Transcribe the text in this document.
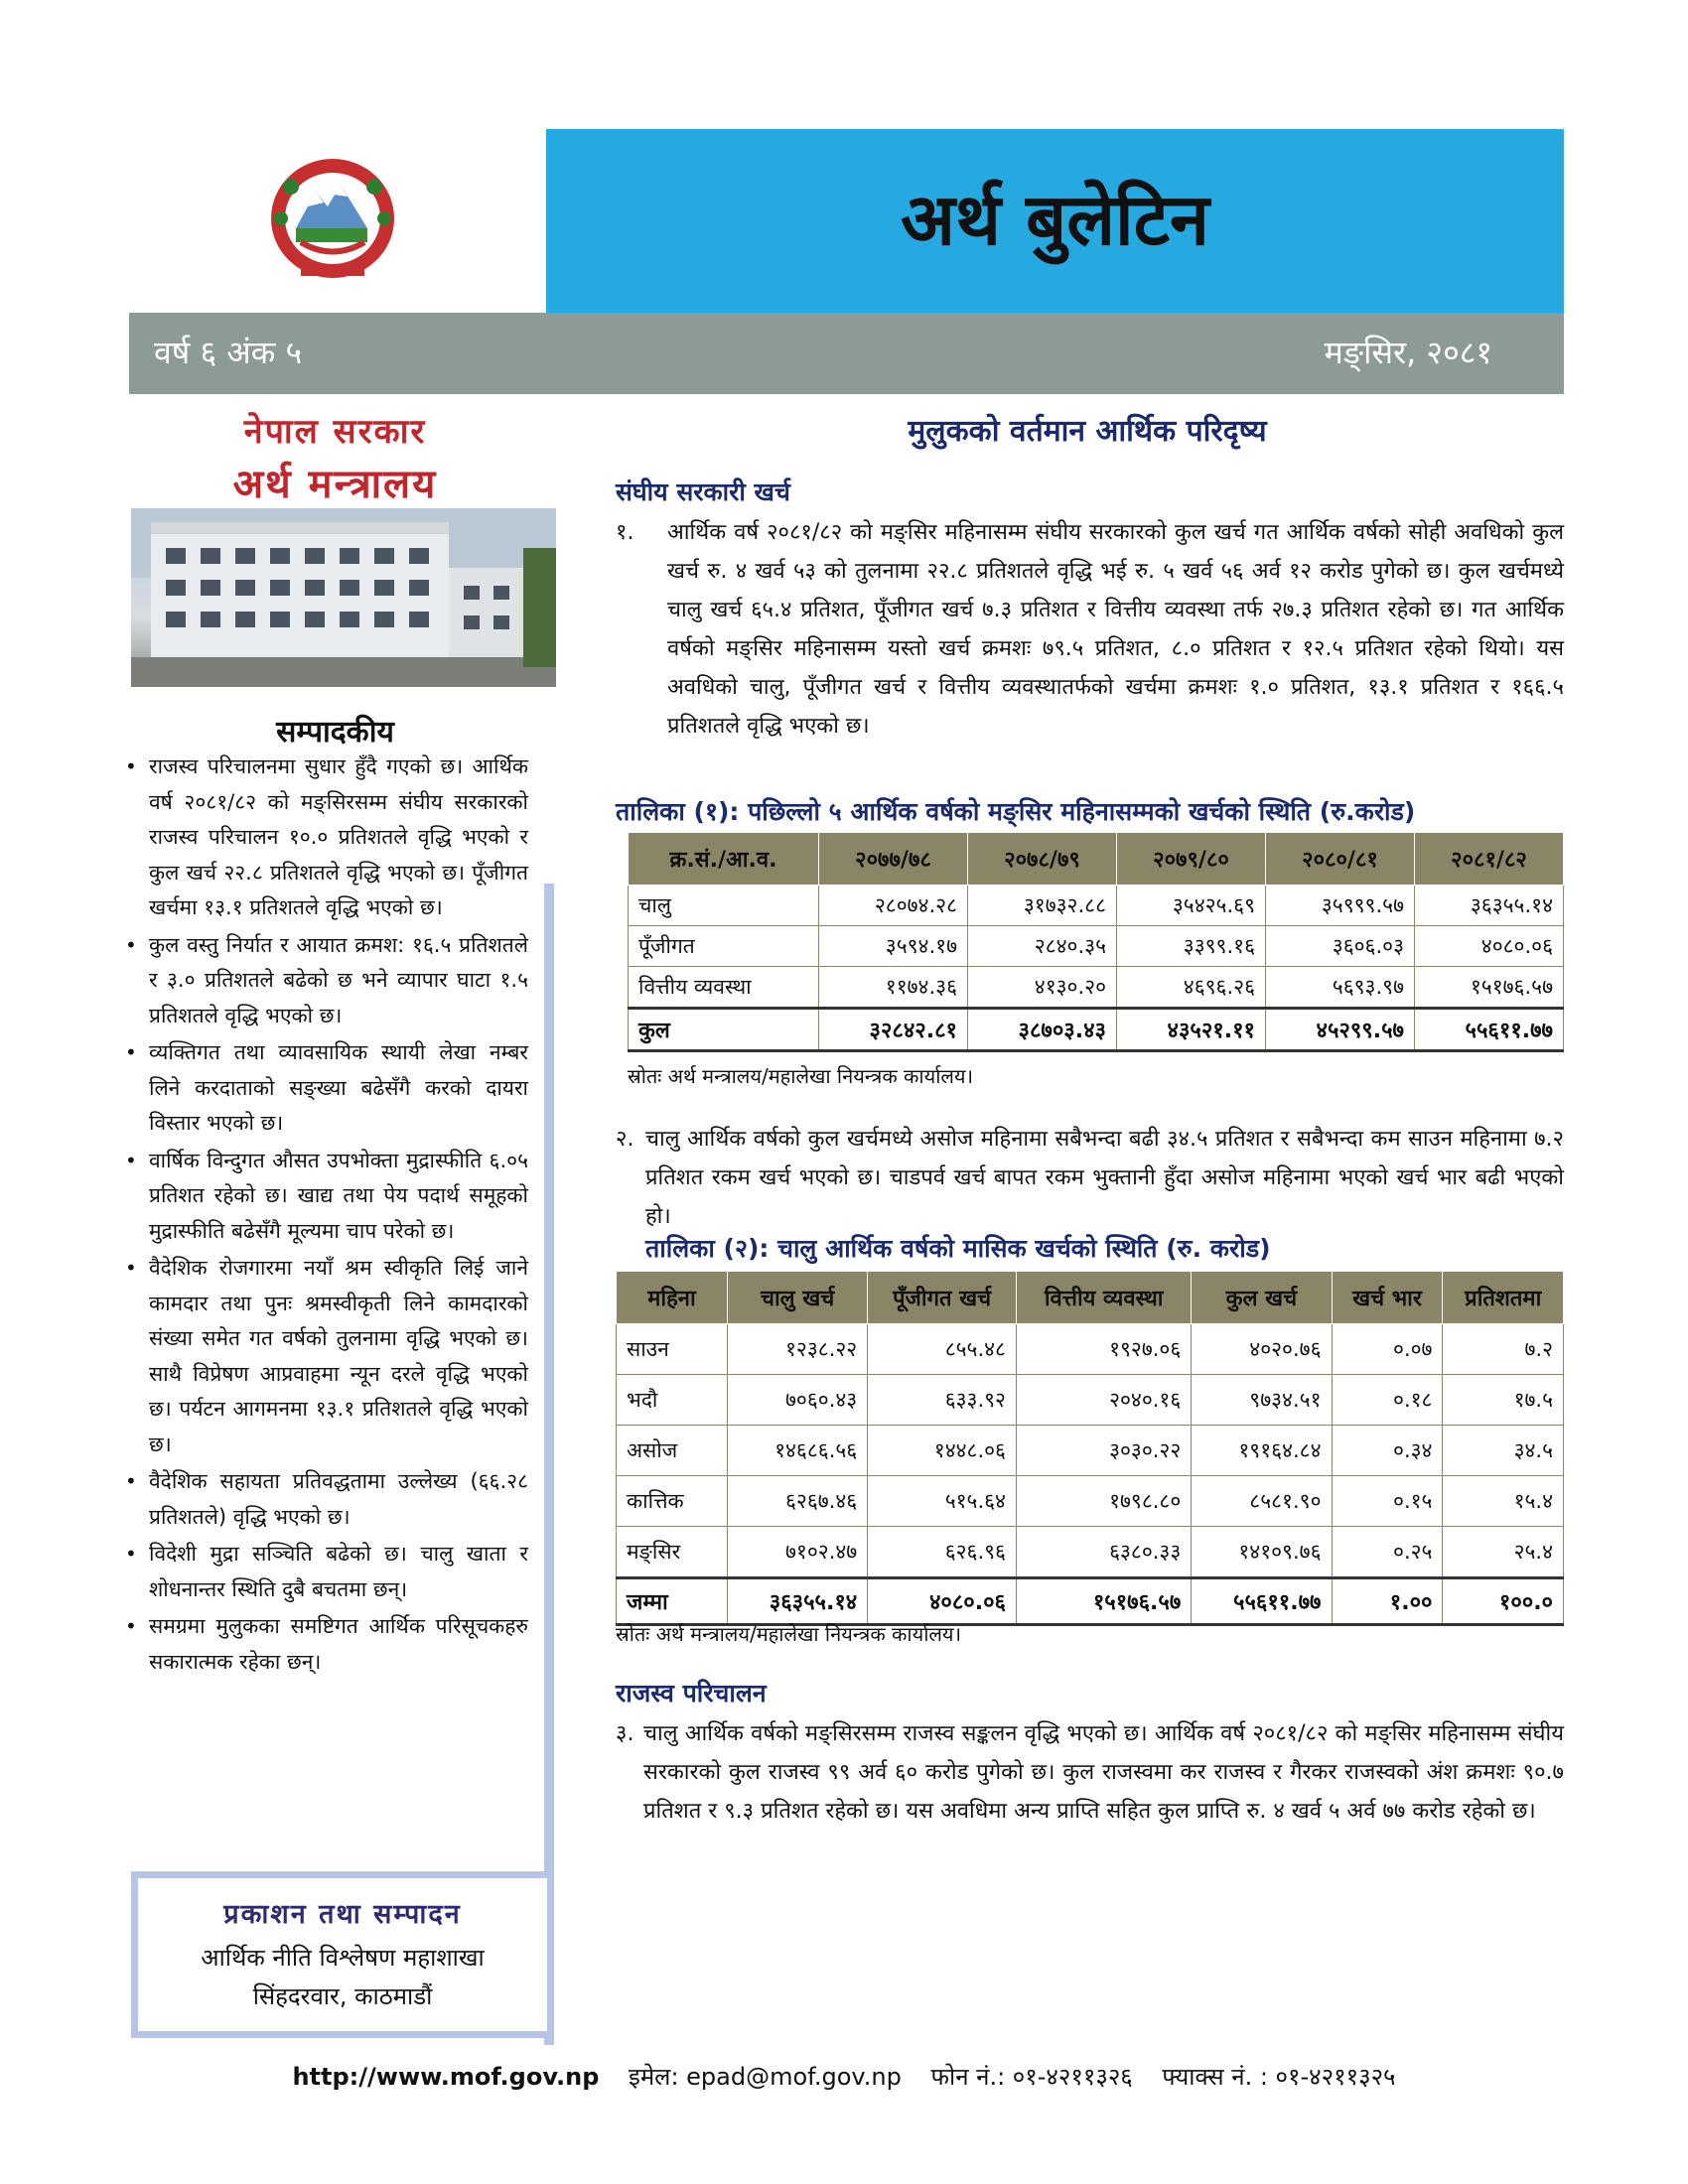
अर्थ बुलेटिन
वर्ष ६ अंक ५	मङ्सिर, २०८१
नेपाल सरकार
अर्थ मन्त्रालय
सम्पादकीय
• राजस्व परिचालनमा सुधार हुँदै गएको छ। आर्थिक वर्ष २०८१/८२ को मङ्सिरसम्म संघीय सरकारको राजस्व परिचालन १०.० प्रतिशतले वृद्धि भएको र कुल खर्च २२.८ प्रतिशतले वृद्धि भएको छ। पूँजीगत खर्चमा १३.१ प्रतिशतले वृद्धि भएको छ।
• कुल वस्तु निर्यात र आयात क्रमश: १६.५ प्रतिशतले र ३.० प्रतिशतले बढेको छ भने व्यापार घाटा १.५ प्रतिशतले वृद्धि भएको छ।
• व्यक्तिगत तथा व्यावसायिक स्थायी लेखा नम्बर लिने करदाताको सङ्ख्या बढेसँगै करको दायरा विस्तार भएको छ।
• वार्षिक विन्दुगत औसत उपभोक्ता मुद्रास्फीति ६.०५ प्रतिशत रहेको छ। खाद्य तथा पेय पदार्थ समूहको मुद्रास्फीति बढेसँगै मूल्यमा चाप परेको छ।
• वैदेशिक रोजगारमा नयाँ श्रम स्वीकृति लिई जाने कामदार तथा पुनः श्रमस्वीकृती लिने कामदारको संख्या समेत गत वर्षको तुलनामा वृद्धि भएको छ। साथै विप्रेषण आप्रवाहमा न्यून दरले वृद्धि भएको छ। पर्यटन आगमनमा १३.१ प्रतिशतले वृद्धि भएको छ।
• वैदेशिक सहायता प्रतिवद्धतामा उल्लेख्य (६६.२८ प्रतिशतले) वृद्धि भएको छ।
• विदेशी मुद्रा सञ्चिति बढेको छ। चालु खाता र शोधनान्तर स्थिति दुबै बचतमा छन्।
• समग्रमा मुलुकका समष्टिगत आर्थिक परिसूचकहरु सकारात्मक रहेका छन्।
प्रकाशन तथा सम्पादन
आर्थिक नीति विश्लेषण महाशाखा
सिंहदरवार, काठमाडौं
मुलुकको वर्तमान आर्थिक परिदृष्य
संघीय सरकारी खर्च
१. आर्थिक वर्ष २०८१/८२ को मङ्सिर महिनासम्म संघीय सरकारको कुल खर्च गत आर्थिक वर्षको सोही अवधिको कुल खर्च रु. ४ खर्व ५३ को तुलनामा २२.८ प्रतिशतले वृद्धि भई रु. ५ खर्व ५६ अर्व १२ करोड पुगेको छ। कुल खर्चमध्ये चालु खर्च ६५.४ प्रतिशत, पूँजीगत खर्च ७.३ प्रतिशत र वित्तीय व्यवस्था तर्फ २७.३ प्रतिशत रहेको छ। गत आर्थिक वर्षको मङ्सिर महिनासम्म यस्तो खर्च क्रमशः ७९.५ प्रतिशत, ८.० प्रतिशत र १२.५ प्रतिशत रहेको थियो। यस अवधिको चालु, पूँजीगत खर्च र वित्तीय व्यवस्थातर्फको खर्चमा क्रमशः १.० प्रतिशत, १३.१ प्रतिशत र १६६.५ प्रतिशतले वृद्धि भएको छ।
तालिका (१): पछिल्लो ५ आर्थिक वर्षको मङ्सिर महिनासम्मको खर्चको स्थिति (रु.करोड)
क्र.सं./आ.व.	२०७७/७८	२०७८/७९	२०७९/८०	२०८०/८१	२०८१/८२
चालु	२८०७४.२८	३१७३२.८८	३५४२५.६९	३५९९९.५७	३६३५५.१४
पूँजीगत	३५९४.१७	२८४०.३५	३३९९.१६	३६०६.०३	४०८०.०६
वित्तीय व्यवस्था	११७४.३६	४१३०.२०	४६९६.२६	५६९३.९७	१५१७६.५७
कुल	३२८४२.८१	३८७०३.४३	४३५२१.११	४५२९९.५७	५५६११.७७
स्रोतः अर्थ मन्त्रालय/महालेखा नियन्त्रक कार्यालय।
२. चालु आर्थिक वर्षको कुल खर्चमध्ये असोज महिनामा सबैभन्दा बढी ३४.५ प्रतिशत र सबैभन्दा कम साउन महिनामा ७.२ प्रतिशत रकम खर्च भएको छ। चाडपर्व खर्च बापत रकम भुक्तानी हुँदा असोज महिनामा भएको खर्च भार बढी भएको हो।
तालिका (२): चालु आर्थिक वर्षको मासिक खर्चको स्थिति (रु. करोड)
महिना	चालु खर्च	पूँजीगत खर्च	वित्तीय व्यवस्था	कुल खर्च	खर्च भार	प्रतिशतमा
साउन	१२३८.२२	८५५.४८	१९२७.०६	४०२०.७६	०.०७	७.२
भदौ	७०६०.४३	६३३.९२	२०४०.१६	९७३४.५१	०.१८	१७.५
असोज	१४६८६.५६	१४४८.०६	३०३०.२२	१९१६४.८४	०.३४	३४.५
कात्तिक	६२६७.४६	५१५.६४	१७९८.८०	८५८१.९०	०.१५	१५.४
मङ्सिर	७१०२.४७	६२६.९६	६३८०.३३	१४१०९.७६	०.२५	२५.४
जम्मा	३६३५५.१४	४०८०.०६	१५१७६.५७	५५६११.७७	१.००	१००.०
स्रोतः अर्थ मन्त्रालय/महालेखा नियन्त्रक कार्यालय।
राजस्व परिचालन
३. चालु आर्थिक वर्षको मङ्सिरसम्म राजस्व सङ्कलन वृद्धि भएको छ। आर्थिक वर्ष २०८१/८२ को मङ्सिर महिनासम्म संघीय सरकारको कुल राजस्व ९९ अर्व ६० करोड पुगेको छ। कुल राजस्वमा कर राजस्व र गैरकर राजस्वको अंश क्रमशः ९०.७ प्रतिशत र ९.३ प्रतिशत रहेको छ। यस अवधिमा अन्य प्राप्ति सहित कुल प्राप्ति रु. ४ खर्व ५ अर्व ७७ करोड रहेको छ।
http://www.mof.gov.np इमेल: epad@mof.gov.np फोन नं.: ०१-४२११३२६ फ्याक्स नं. : ०१-४२११३२५
